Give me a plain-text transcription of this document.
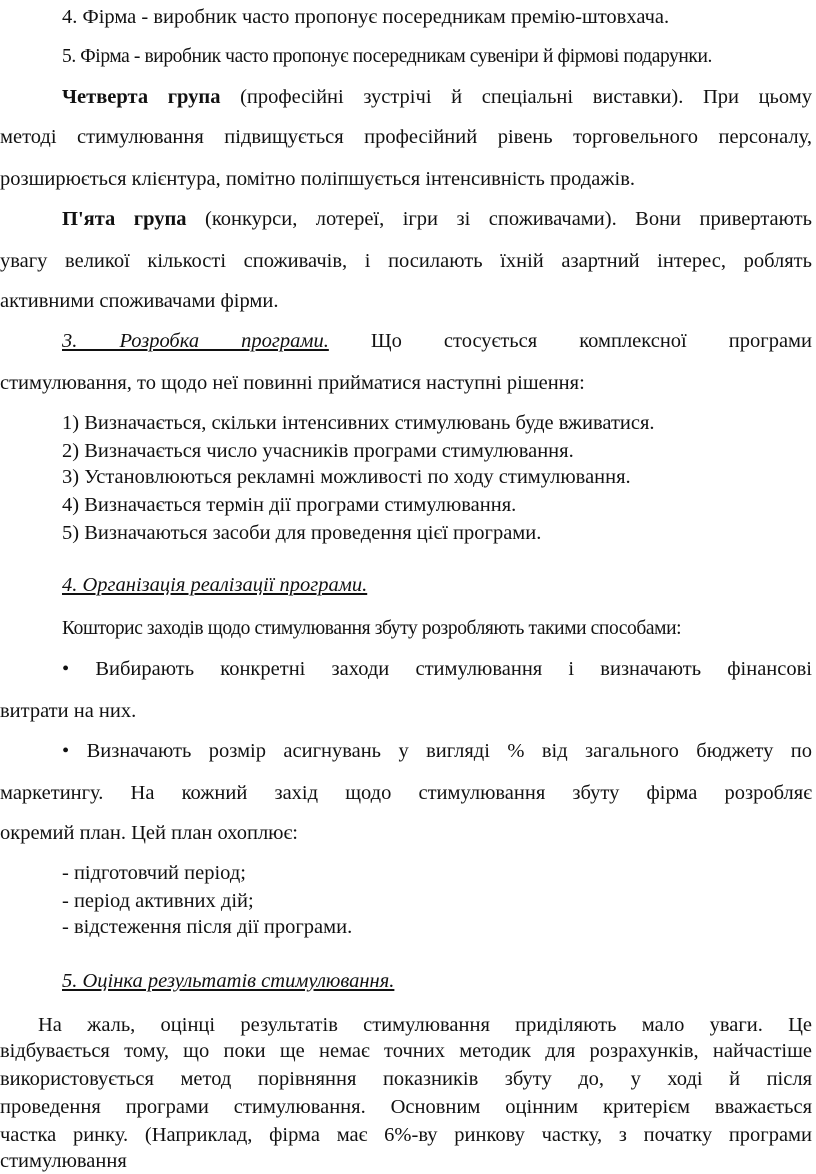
4. Фірма - виробник часто пропонує посередникам премію-штовхача.
5. Фірма - виробник часто пропонує посередникам сувеніри й фірмові подарунки.
Четверта група (професійні зустрічі й спеціальні виставки). При цьому
методі стимулювання підвищується професійний рівень торговельного персоналу,
розширюється клієнтура, помітно поліпшується інтенсивність продажів.
П'ята група (конкурси, лотереї, ігри зі споживачами). Вони привертають
увагу великої кількості споживачів, і посилають їхній азартний інтерес, роблять
активними споживачами фірми.
3. Розробка програми. Що стосується комплексної програми
стимулювання, то щодо неї повинні прийматися наступні рішення:
1) Визначається, скільки інтенсивних стимулювань буде вживатися.
2) Визначається число учасників програми стимулювання.
3) Установлюються рекламні можливості по ходу стимулювання.
4) Визначається термін дії програми стимулювання.
5) Визначаються засоби для проведення цієї програми.
4. Організація реалізації програми.
Кошторис заходів щодо стимулювання збуту розробляють такими способами:
• Вибирають конкретні заходи стимулювання і визначають фінансові
витрати на них.
• Визначають розмір асигнувань у вигляді % від загального бюджету по
маркетингу. На кожний захід щодо стимулювання збуту фірма розробляє
окремий план. Цей план охоплює:
- підготовчий період;
- період активних дій;
- відстеження після дії програми.
5. Оцінка результатів стимулювання.
На жаль, оцінці результатів стимулювання приділяють мало уваги. Це
відбувається тому, що поки ще немає точних методик для розрахунків, найчастіше
використовується метод порівняння показників збуту до, у ході й після
проведення програми стимулювання. Основним оцінним критерієм вважається
частка ринку. (Наприклад, фірма має 6%-ву ринкову частку, з початку програми
стимулювання
